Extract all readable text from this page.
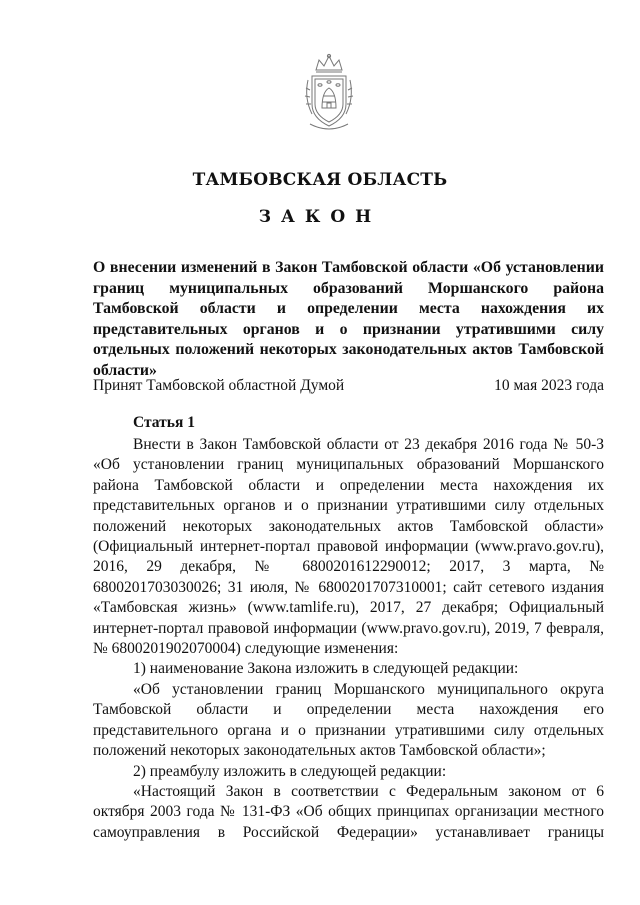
ТАМБОВСКАЯ ОБЛАСТЬ
ЗАКОН
О внесении изменений в Закон Тамбовской области «Об установлении границ муниципальных образований Моршанского района Тамбовской области и определении места нахождения их представительных органов и о признании утратившими силу отдельных положений некоторых законодательных актов Тамбовской области»
Принят Тамбовской областной Думой	10 мая 2023 года
Статья 1

Внести в Закон Тамбовской области от 23 декабря 2016 года № 50-З «Об установлении границ муниципальных образований Моршанского района Тамбовской области и определении места нахождения их представительных органов и о признании утратившими силу отдельных положений некоторых законодательных актов Тамбовской области» (Официальный интернет-портал правовой информации (www.pravo.gov.ru), 2016, 29 декабря, № 6800201612290012; 2017, 3 марта, № 6800201703030026; 31 июля, № 6800201707310001; сайт сетевого издания «Тамбовская жизнь» (www.tamlife.ru), 2017, 27 декабря; Официальный интернет-портал правовой информации (www.pravo.gov.ru), 2019, 7 февраля, № 6800201902070004) следующие изменения:

1) наименование Закона изложить в следующей редакции:

«Об установлении границ Моршанского муниципального округа Тамбовской области и определении места нахождения его представительного органа и о признании утратившими силу отдельных положений некоторых законодательных актов Тамбовской области»;

2) преамбулу изложить в следующей редакции:

«Настоящий Закон в соответствии с Федеральным законом от 6 октября 2003 года № 131-ФЗ «Об общих принципах организации местного самоуправления в Российской Федерации» устанавливает границы
